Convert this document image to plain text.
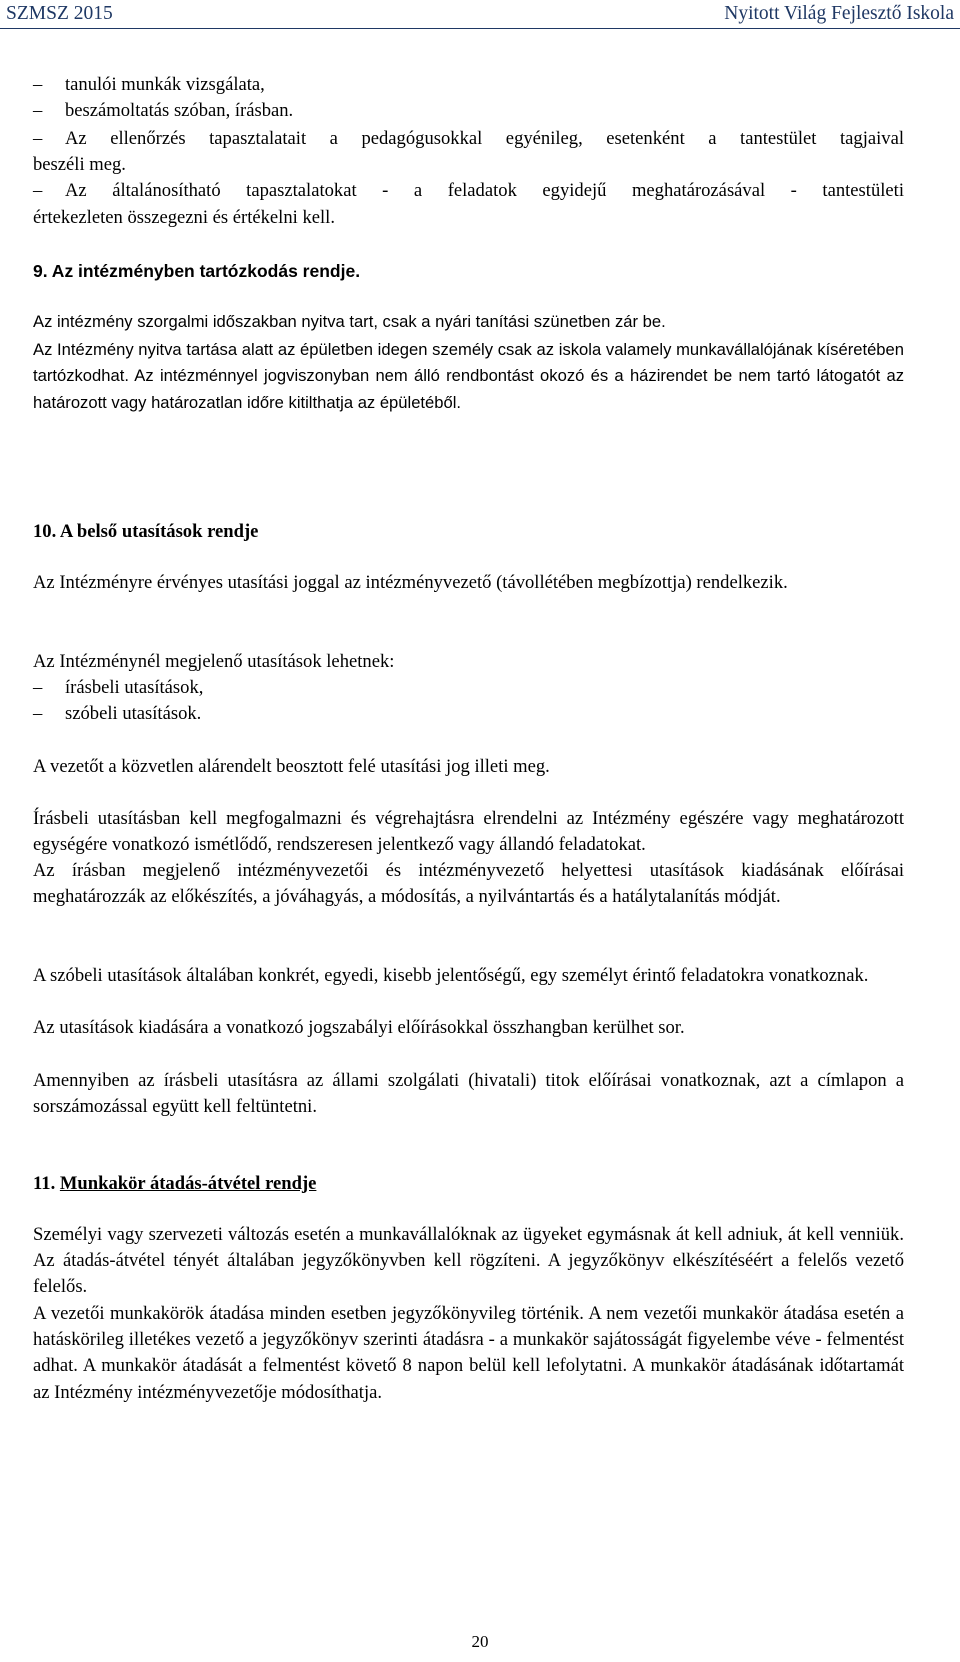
SZMSZ 2015	Nyitott Világ Fejlesztő Iskola
–	tanulói munkák vizsgálata,
–	beszámoltatás szóban, írásban.
–	Az ellenőrzés tapasztalatait a pedagógusokkal egyénileg, esetenként a tantestület tagjaival
beszéli meg.
–	Az általánosítható tapasztalatokat - a feladatok egyidejű meghatározásával - tantestületi
értekezleten összegezni és értékelni kell.
9. Az intézményben tartózkodás rendje.
Az intézmény szorgalmi időszakban nyitva tart, csak a nyári tanítási szünetben zár be.
Az Intézmény nyitva tartása alatt az épületben idegen személy csak az iskola valamely munkavállalójának kíséretében tartózkodhat. Az intézménnyel jogviszonyban nem álló rendbontást okozó és a házirendet be nem tartó látogatót az határozott vagy határozatlan időre kitilthatja az épületéből.
10. A belső utasítások rendje
Az Intézményre érvényes utasítási joggal az intézményvezető (távollétében megbízottja) rendelkezik.
Az Intézménynél megjelenő utasítások lehetnek:
–	írásbeli utasítások,
–	szóbeli utasítások.
A vezetőt a közvetlen alárendelt beosztott felé utasítási jog illeti meg.
Írásbeli utasításban kell megfogalmazni és végrehajtásra elrendelni az Intézmény egészére vagy meghatározott egységére vonatkozó ismétlődő, rendszeresen jelentkező vagy állandó feladatokat.
Az írásban megjelenő intézményvezetői és intézményvezető helyettesi utasítások kiadásának előírásai meghatározzák az előkészítés, a jóváhagyás, a módosítás, a nyilvántartás és a hatálytalanítás módját.
A szóbeli utasítások általában konkrét, egyedi, kisebb jelentőségű, egy személyt érintő feladatokra vonatkoznak.
Az utasítások kiadására a vonatkozó jogszabályi előírásokkal összhangban kerülhet sor.
Amennyiben az írásbeli utasításra az állami szolgálati (hivatali) titok előírásai vonatkoznak, azt a címlapon a sorszámozással együtt kell feltüntetni.
11. Munkakör átadás-átvétel rendje
Személyi vagy szervezeti változás esetén a munkavállalóknak az ügyeket egymásnak át kell adniuk, át kell venniük. Az átadás-átvétel tényét általában jegyzőkönyvben kell rögzíteni. A jegyzőkönyv elkészítéséért a felelős vezető felelős.
A vezetői munkakörök átadása minden esetben jegyzőkönyvileg történik. A nem vezetői munkakör átadása esetén a hatáskörileg illetékes vezető a jegyzőkönyv szerinti átadásra - a munkakör sajátosságát figyelembe véve - felmentést adhat. A munkakör átadását a felmentést követő 8 napon belül kell lefolytatni. A munkakör átadásának időtartamát az Intézmény intézményvezetője módosíthatja.
20
